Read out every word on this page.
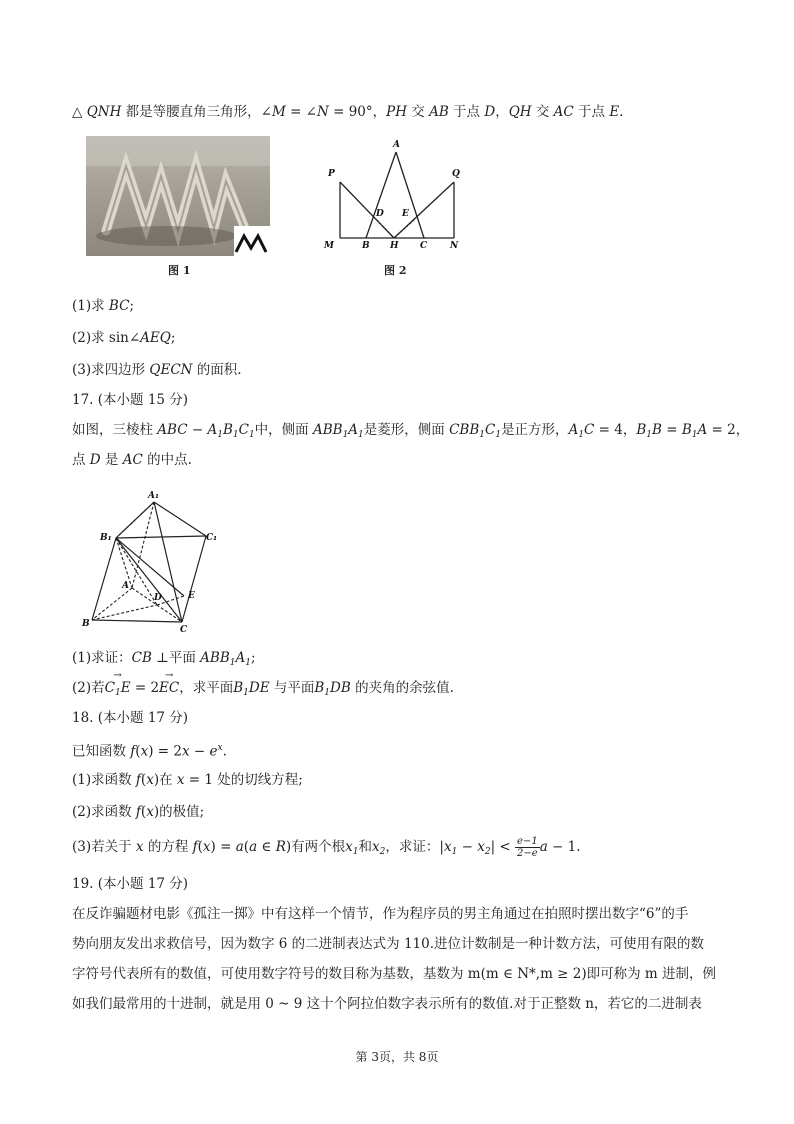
△ QNH 都是等腰直角三角形，∠M = ∠N = 90°，PH 交 AB 于点 D，QH 交 AC 于点 E.
图 1
A
P	Q
D E
M	B H C	N
图 2
(1)求 BC;
(2)求 sin∠AEQ;
(3)求四边形 QECN 的面积.
17. (本小题 15 分)
如图，三棱柱 ABC − $A_1B_1C_1$中，侧面 $ABB_1A_1$是菱形，侧面 $CBB_1C_1$是正方形，$A_1C = 4$，$B_1B = B_1A = 2$，
点 D 是 AC 的中点.
A₁
B₁	C₁
A
B
C
D	E
(1)求证：CB ⊥平面 $ABB_1A_1$;
(2)若→ $C_1E = 2\to$ EC，求平面$B_1DE$ 与平面$B_1DB$ 的夹角的余弦值.
18. (本小题 17 分)
已知函数 $f(x) = 2x - e^x$.
(1)求函数 f(x)在 x = 1 处的切线方程;
(2)求函数 f(x)的极值;
(3)若关于 x 的方程 f(x) = a(a ∈ R)有两个根$x_1$和$x_2$，求证：$|x_1 - x_2| < \frac{e-1}{2-e}$ a − 1.
19. (本小题 17 分)
在反诈骗题材电影《孤注一掷》中有这样一个情节，作为程序员的男主角通过在拍照时摆出数字“6”的手
势向朋友发出求救信号，因为数字 6 的二进制表达式为 110.进位计数制是一种计数方法，可使用有限的数
字符号代表所有的数值，可使用数字符号的数目称为基数，基数为 m(m ∈ N*,m ≥ 2)即可称为 m 进制，例
如我们最常用的十进制，就是用 0 ~ 9 这十个阿拉伯数字表示所有的数值.对于正整数 n，若它的二进制表
第 3页，共 8页
